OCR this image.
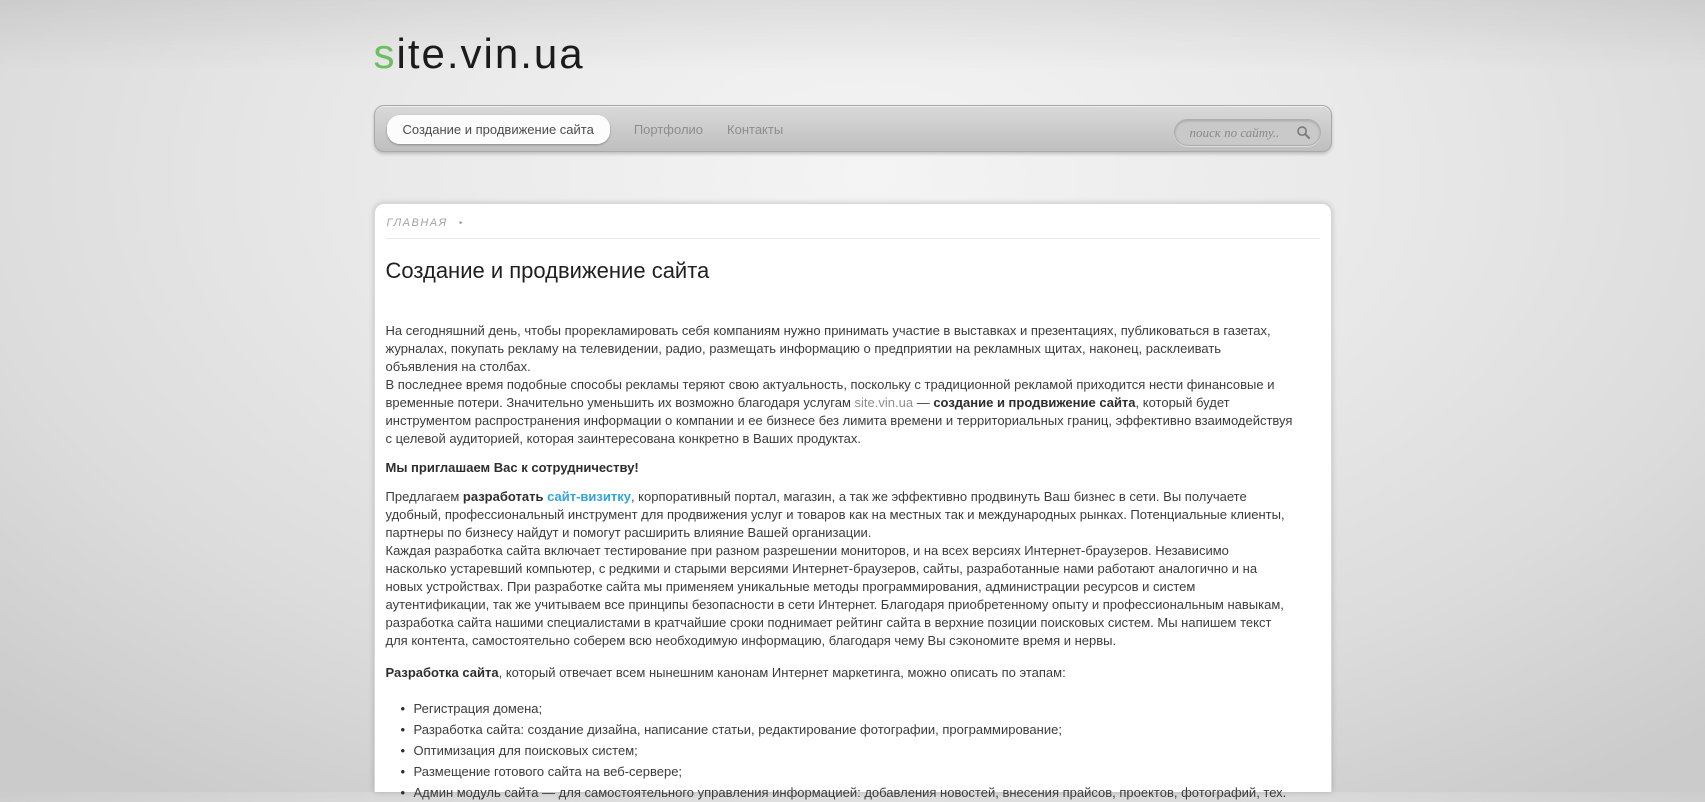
site.vin.ua
Создание и продвижение сайта	Портфолио Контакты
поиск по сайту..
ГЛАВНАЯ ‣
Создание и продвижение сайта

На сегодняшний день, чтобы прорекламировать себя компаниям нужно принимать участие в выставках и презентациях, публиковаться в газетах, журналах, покупать рекламу на телевидении, радио, размещать информацию о предприятии на рекламных щитах, наконец, расклеивать объявления на столбах.

В последнее время подобные способы рекламы теряют свою актуальность, поскольку с традиционной рекламой приходится нести финансовые и временные потери. Значительно уменьшить их возможно благодаря услугам site.vin.ua — создание и продвижение сайта, который будет инструментом распространения информации о компании и ее бизнесе без лимита времени и территориальных границ, эффективно взаимодействуя с целевой аудиторией, которая заинтересована конкретно в Ваших продуктах.

Мы приглашаем Вас к сотрудничеству!

Предлагаем разработать сайт-визитку, корпоративный портал, магазин, а так же эффективно продвинуть Ваш бизнес в сети. Вы получаете удобный, профессиональный инструмент для продвижения услуг и товаров как на местных так и международных рынках. Потенциальные клиенты, партнеры по бизнесу найдут и помогут расширить влияние Вашей организации.

Каждая разработка сайта включает тестирование при разном разрешении мониторов, и на всех версиях Интернет-браузеров. Независимо насколько устаревший компьютер, с редкими и старыми версиями Интернет-браузеров, сайты, разработанные нами работают аналогично и на новых устройствах. При разработке сайта мы применяем уникальные методы программирования, администрации ресурсов и систем аутентификации, так же учитываем все принципы безопасности в сети Интернет. Благодаря приобретенному опыту и профессиональным навыкам, разработка сайта нашими специалистами в кратчайшие сроки поднимает рейтинг сайта в верхние позиции поисковых систем. Мы напишем текст для контента, самостоятельно соберем всю необходимую информацию, благодаря чему Вы сэкономите время и нервы.

Разработка сайта, который отвечает всем нынешним канонам Интернет маркетинга, можно описать по этапам:

• Регистрация домена;
• Разработка сайта: создание дизайна, написание статьи, редактирование фотографии, программирование;
• Оптимизация для поисковых систем;
• Размещение готового сайта на веб-сервере;
• Админ модуль сайта — для самостоятельного управления информацией: добавления новостей, внесения прайсов, проектов, фотографий, тех.
